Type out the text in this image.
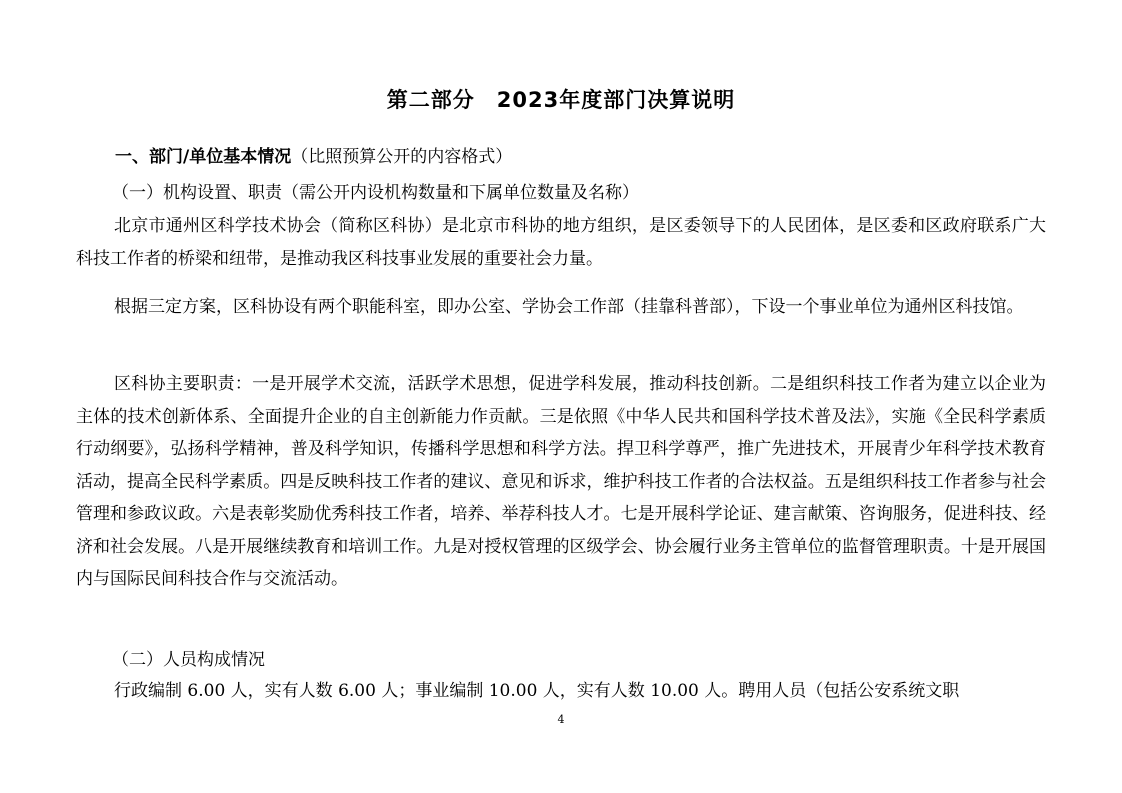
第二部分　2023年度部门决算说明
一、部门/单位基本情况（比照预算公开的内容格式）
（一）机构设置、职责（需公开内设机构数量和下属单位数量及名称）

北京市通州区科学技术协会（简称区科协）是北京市科协的地方组织，是区委领导下的人民团体，是区委和区政府联系广大科技工作者的桥梁和纽带，是推动我区科技事业发展的重要社会力量。

根据三定方案，区科协设有两个职能科室，即办公室、学协会工作部（挂靠科普部），下设一个事业单位为通州区科技馆。

区科协主要职责：一是开展学术交流，活跃学术思想，促进学科发展，推动科技创新。二是组织科技工作者为建立以企业为主体的技术创新体系、全面提升企业的自主创新能力作贡献。三是依照《中华人民共和国科学技术普及法》，实施《全民科学素质行动纲要》，弘扬科学精神，普及科学知识，传播科学思想和科学方法。捍卫科学尊严，推广先进技术，开展青少年科学技术教育活动，提高全民科学素质。四是反映科技工作者的建议、意见和诉求，维护科技工作者的合法权益。五是组织科技工作者参与社会管理和参政议政。六是表彰奖励优秀科技工作者，培养、举荐科技人才。七是开展科学论证、建言献策、咨询服务，促进科技、经济和社会发展。八是开展继续教育和培训工作。九是对授权管理的区级学会、协会履行业务主管单位的监督管理职责。十是开展国内与国际民间科技合作与交流活动。

（二）人员构成情况

行政编制 6.00 人，实有人数 6.00 人；事业编制 10.00 人，实有人数 10.00 人。聘用人员（包括公安系统文职

4
